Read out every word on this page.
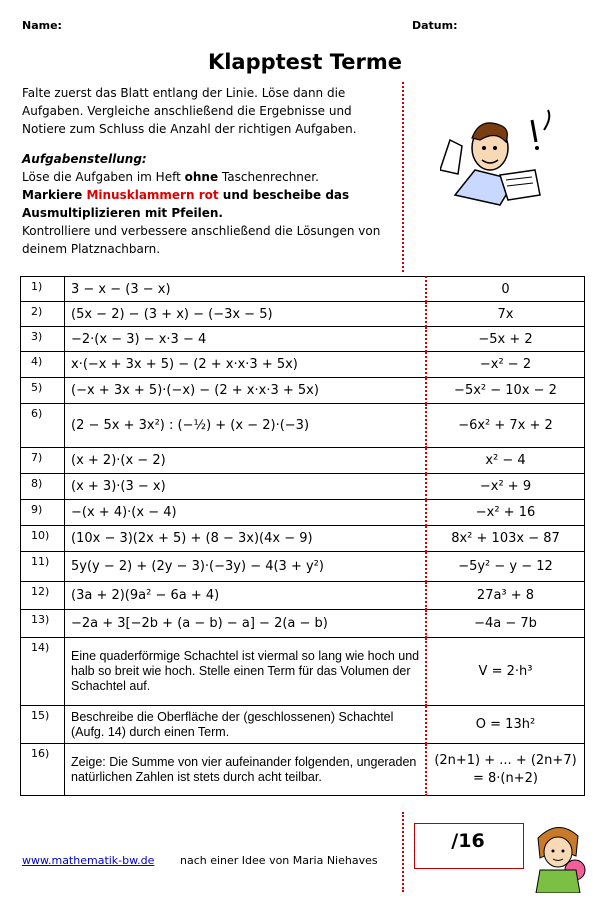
Name:	Datum:
Klapptest Terme
Falte zuerst das Blatt entlang der Linie. Löse dann die Aufgaben. Vergleiche anschließend die Ergebnisse und Notiere zum Schluss die Anzahl der richtigen Aufgaben.
Aufgabenstellung:
Löse die Aufgaben im Heft ohne Taschenrechner.
Markiere Minusklammern rot und bescheibe das Ausmultiplizieren mit Pfeilen.
Kontrolliere und verbessere anschließend die Lösungen von deinem Platznachbarn.
1)	3 − x − (3 − x)	0
2)	(5x − 2) − (3 + x) − (−3x − 5)	7x
3)	−2·(x − 3) − x·3 − 4	−5x + 2
4)	x·(−x + 3x + 5) − (2 + x·x·3 + 5x)	−x² − 2
5)	(−x + 3x + 5)·(−x) − (2 + x·x·3 + 5x)	−5x² − 10x − 2
6)	(2 − 5x + 3x²) : (−½) + (x − 2)·(−3)	−6x² + 7x + 2
7)	(x + 2)·(x − 2)	x² − 4
8)	(x + 3)·(3 − x)	−x² + 9
9)	−(x + 4)·(x − 4)	−x² + 16
10)	(10x − 3)(2x + 5) + (8 − 3x)(4x − 9)	8x² + 103x − 87
11)	5y(y − 2) + (2y − 3)·(−3y) − 4(3 + y²)	−5y² − y − 12
12)	(3a + 2)(9a² − 6a + 4)	27a³ + 8
13)	−2a + 3[−2b + (a − b) − a] − 2(a − b)	−4a − 7b
14)	Eine quaderförmige Schachtel ist viermal so lang wie hoch und halb so breit wie hoch. Stelle einen Term für das Volumen der Schachtel auf.	V = 2·h³
15)	Beschreibe die Oberfläche der (geschlossenen) Schachtel (Aufg. 14) durch einen Term.	O = 13h²
16)	Zeige: Die Summe von vier aufeinander folgenden, ungeraden natürlichen Zahlen ist stets durch acht teilbar.	(2n+1) + ... + (2n+7) = 8·(n+2)
/16
www.mathematik-bw.de nach einer Idee von Maria Niehaves
